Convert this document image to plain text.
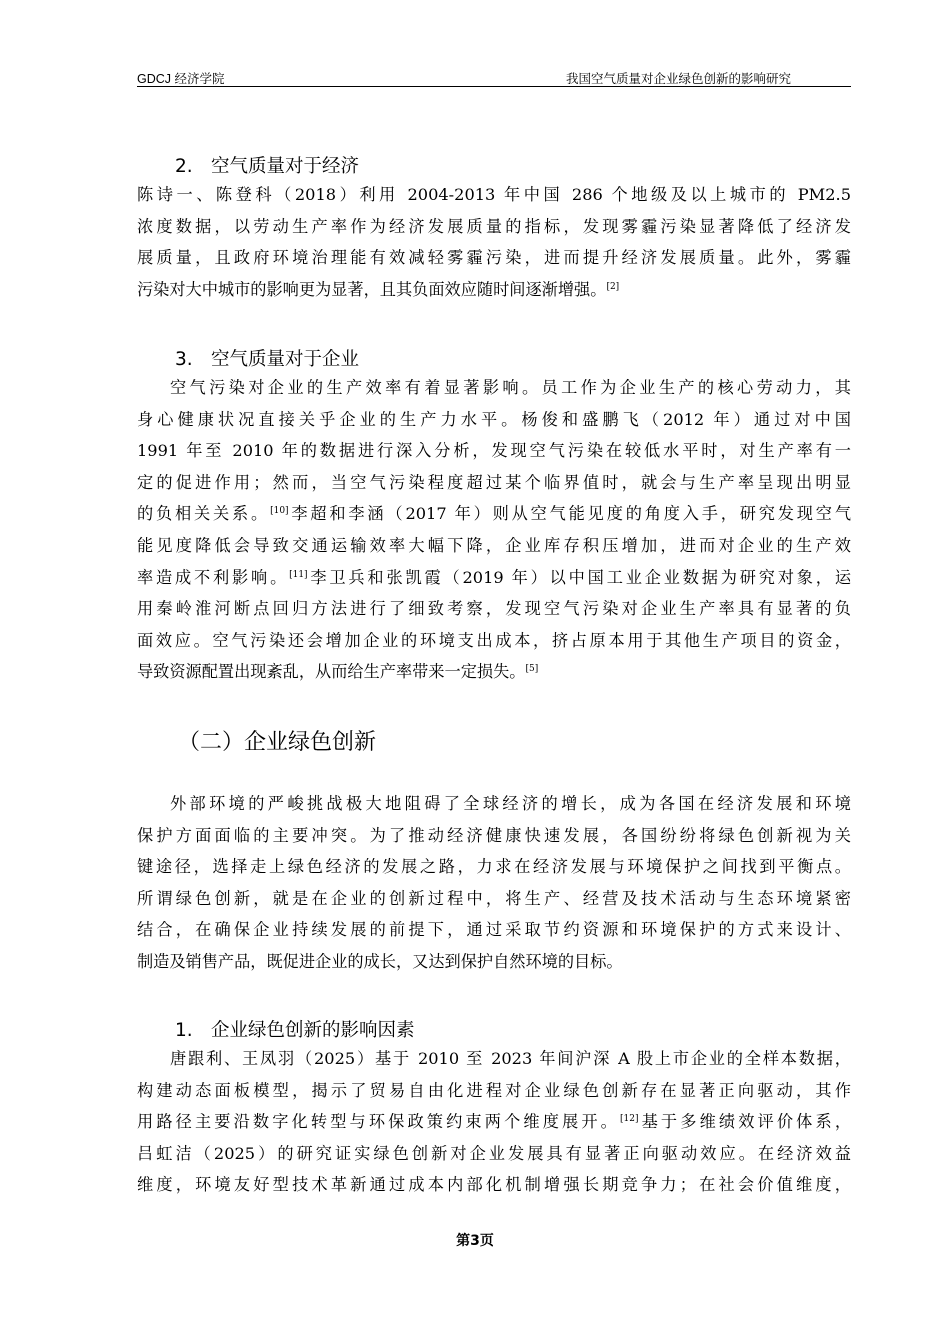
GDCJ 经济学院	我国空气质量对企业绿色创新的影响研究
2. 空气质量对于经济
陈诗一、陈登科（2018）利用 2004-2013 年中国 286 个地级及以上城市的 PM2.5
浓度数据，以劳动生产率作为经济发展质量的指标，发现雾霾污染显著降低了经济发
展质量，且政府环境治理能有效减轻雾霾污染，进而提升经济发展质量。此外，雾霾
污染对大中城市的影响更为显著，且其负面效应随时间逐渐增强。[2]
3. 空气质量对于企业
空气污染对企业的生产效率有着显著影响。员工作为企业生产的核心劳动力，其
身心健康状况直接关乎企业的生产力水平。杨俊和盛鹏飞（2012 年）通过对中国
1991 年至 2010 年的数据进行深入分析，发现空气污染在较低水平时，对生产率有一
定的促进作用；然而，当空气污染程度超过某个临界值时，就会与生产率呈现出明显
的负相关关系。[10]李超和李涵（2017 年）则从空气能见度的角度入手，研究发现空气
能见度降低会导致交通运输效率大幅下降，企业库存积压增加，进而对企业的生产效
率造成不利影响。[11]李卫兵和张凯霞（2019 年）以中国工业企业数据为研究对象，运
用秦岭淮河断点回归方法进行了细致考察，发现空气污染对企业生产率具有显著的负
面效应。空气污染还会增加企业的环境支出成本，挤占原本用于其他生产项目的资金，
导致资源配置出现紊乱，从而给生产率带来一定损失。[5]
（二）企业绿色创新
外部环境的严峻挑战极大地阻碍了全球经济的增长，成为各国在经济发展和环境
保护方面面临的主要冲突。为了推动经济健康快速发展，各国纷纷将绿色创新视为关
键途径，选择走上绿色经济的发展之路，力求在经济发展与环境保护之间找到平衡点。
所谓绿色创新，就是在企业的创新过程中，将生产、经营及技术活动与生态环境紧密
结合，在确保企业持续发展的前提下，通过采取节约资源和环境保护的方式来设计、
制造及销售产品，既促进企业的成长，又达到保护自然环境的目标。
1. 企业绿色创新的影响因素
唐跟利、王凤羽（2025）基于 2010 至 2023 年间沪深 A 股上市企业的全样本数据，
构建动态面板模型，揭示了贸易自由化进程对企业绿色创新存在显著正向驱动，其作
用路径主要沿数字化转型与环保政策约束两个维度展开。[12]基于多维绩效评价体系，
吕虹洁（2025）的研究证实绿色创新对企业发展具有显著正向驱动效应。在经济效益
维度，环境友好型技术革新通过成本内部化机制增强长期竞争力；在社会价值维度，
第3页
